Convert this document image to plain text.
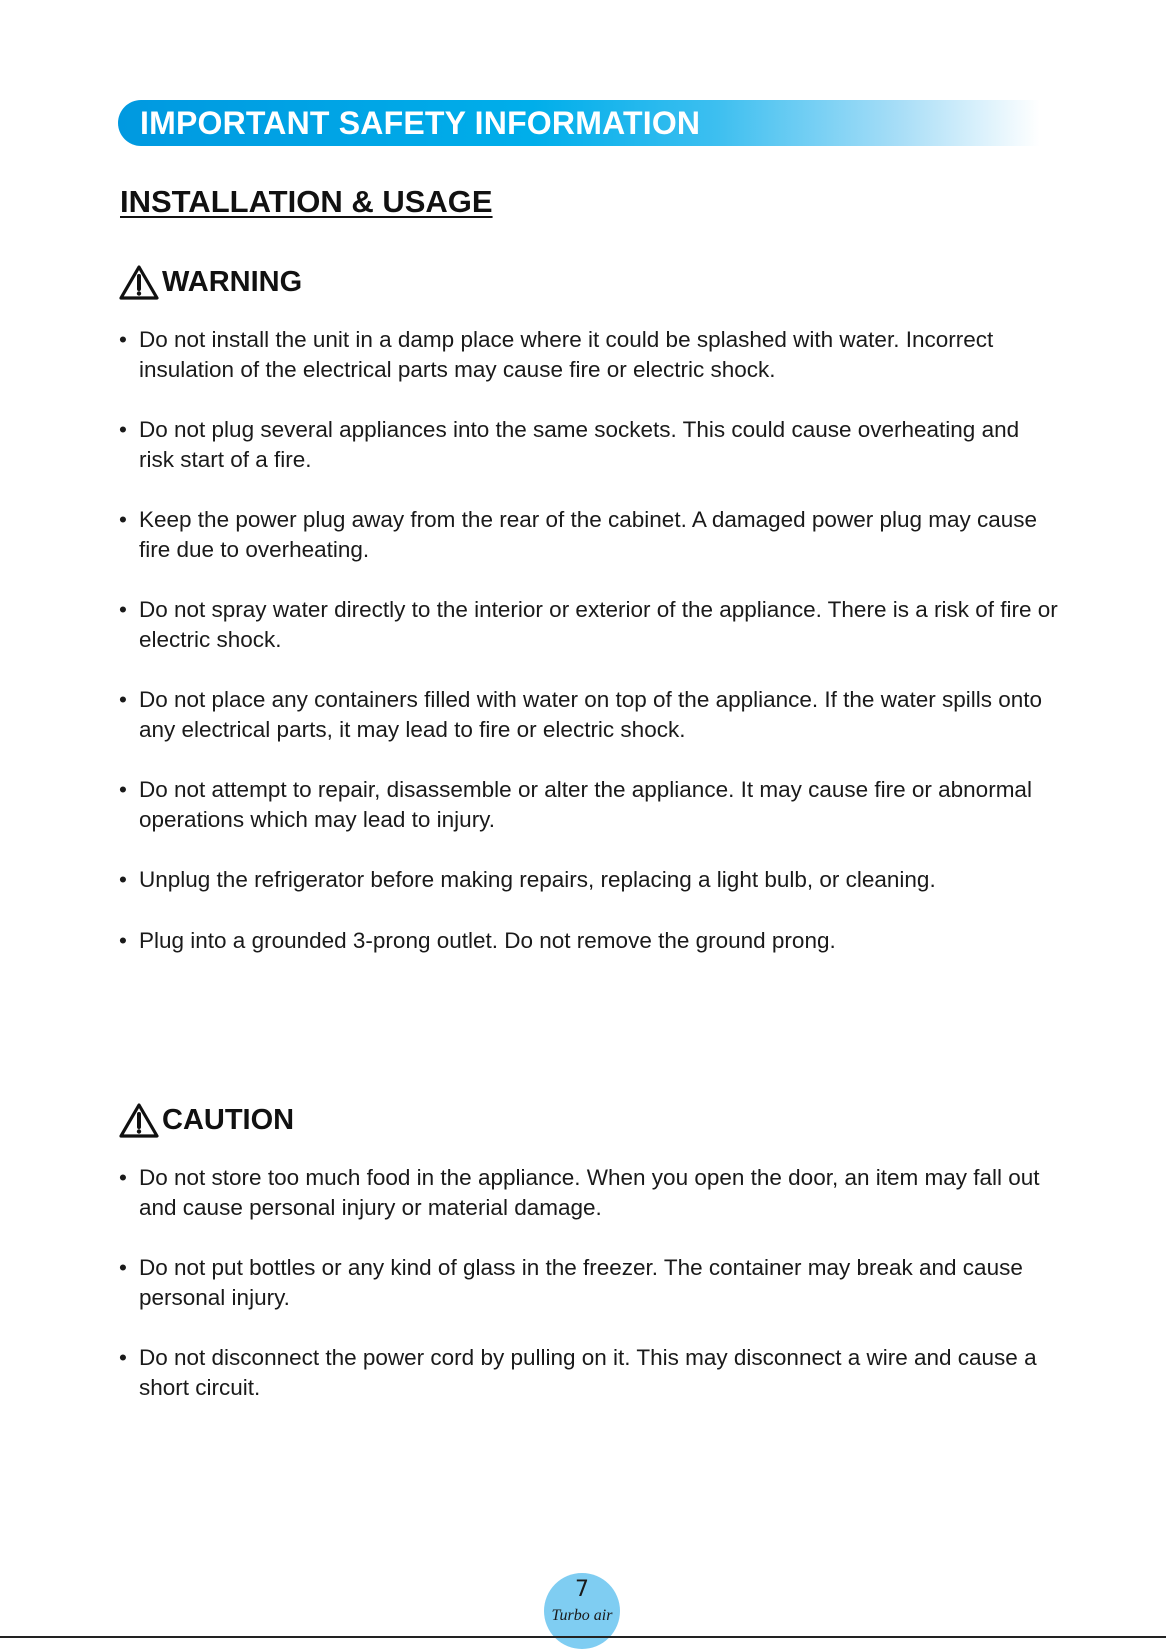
IMPORTANT SAFETY INFORMATION
INSTALLATION & USAGE
WARNING
• Do not install the unit in a damp place where it could be splashed with water. Incorrect insulation of the electrical parts may cause fire or electric shock.
• Do not plug several appliances into the same sockets. This could cause overheating and risk start of a fire.
• Keep the power plug away from the rear of the cabinet. A damaged power plug may cause fire due to overheating.
• Do not spray water directly to the interior or exterior of the appliance. There is a risk of fire or electric shock.
• Do not place any containers filled with water on top of the appliance. If the water spills onto any electrical parts, it may lead to fire or electric shock.
• Do not attempt to repair, disassemble or alter the appliance. It may cause fire or abnormal operations which may lead to injury.
• Unplug the refrigerator before making repairs, replacing a light bulb, or cleaning.
• Plug into a grounded 3-prong outlet. Do not remove the ground prong.
CAUTION
• Do not store too much food in the appliance. When you open the door, an item may fall out and cause personal injury or material damage.
• Do not put bottles or any kind of glass in the freezer. The container may break and cause personal injury.
• Do not disconnect the power cord by pulling on it. This may disconnect a wire and cause a short circuit.
7
Turbo air
